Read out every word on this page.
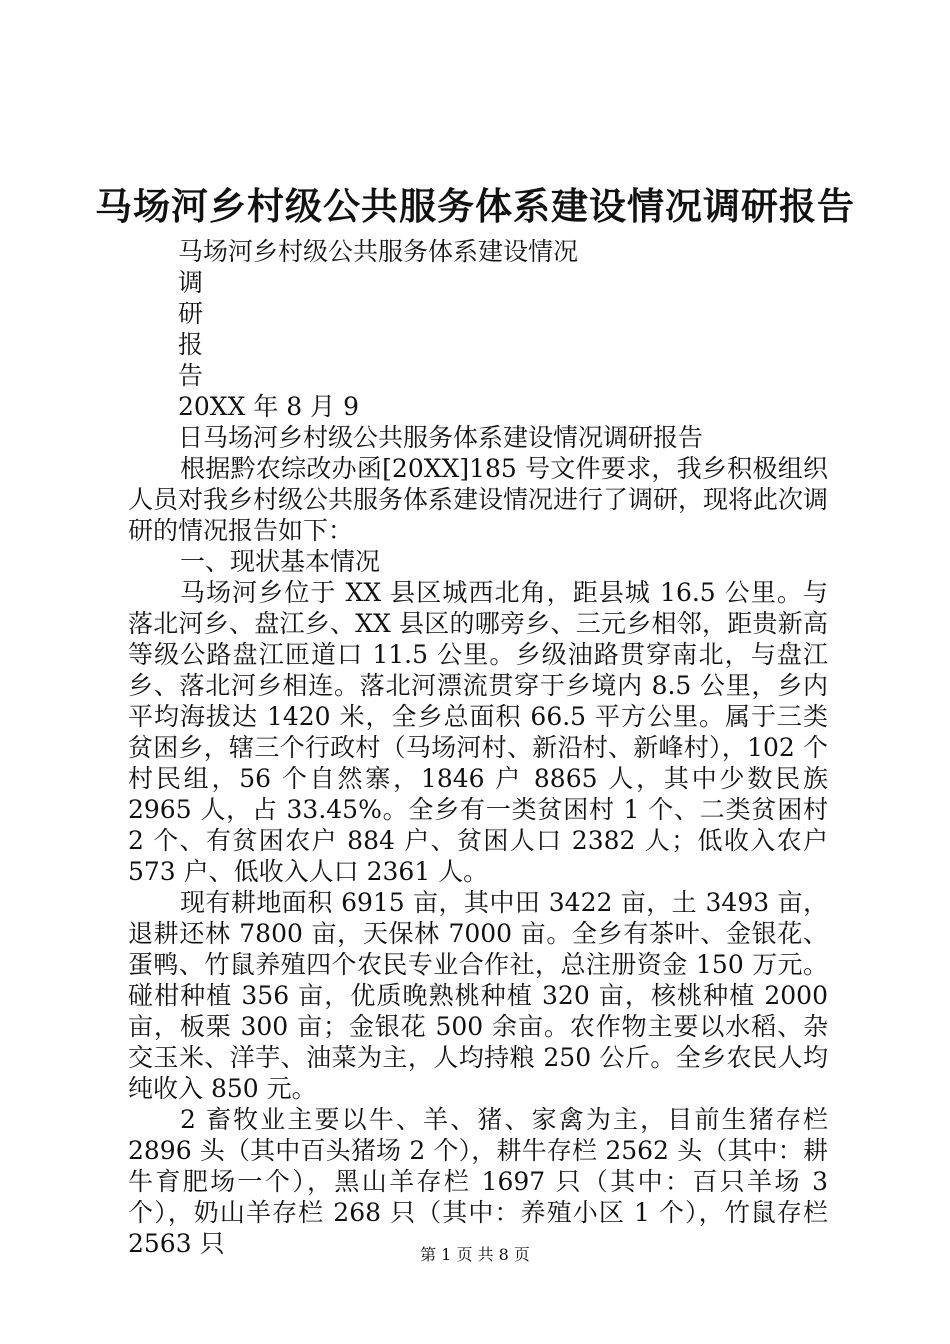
马场河乡村级公共服务体系建设情况调研报告
马场河乡村级公共服务体系建设情况
调
研
报
告
20XX 年 8 月 9
日马场河乡村级公共服务体系建设情况调研报告
根据黔农综改办函[20XX]185 号文件要求，我乡积极组织人员对我乡村级公共服务体系建设情况进行了调研，现将此次调研的情况报告如下：
一、现状基本情况
马场河乡位于 XX 县区城西北角，距县城 16.5 公里。与落北河乡、盘江乡、XX 县区的哪旁乡、三元乡相邻，距贵新高等级公路盘江匝道口 11.5 公里。乡级油路贯穿南北，与盘江乡、落北河乡相连。落北河漂流贯穿于乡境内 8.5 公里，乡内平均海拔达 1420 米，全乡总面积 66.5 平方公里。属于三类贫困乡，辖三个行政村（马场河村、新沿村、新峰村），102 个村民组，56 个自然寨，1846 户 8865 人，其中少数民族 2965 人，占 33.45%。全乡有一类贫困村 1 个、二类贫困村 2 个、有贫困农户 884 户、贫困人口 2382 人；低收入农户 573 户、低收入人口 2361 人。
现有耕地面积 6915 亩，其中田 3422 亩，土 3493 亩，退耕还林 7800 亩，天保林 7000 亩。全乡有茶叶、金银花、蛋鸭、竹鼠养殖四个农民专业合作社，总注册资金 150 万元。碰柑种植 356 亩，优质晚熟桃种植 320 亩，核桃种植 2000 亩，板栗 300 亩；金银花 500 余亩。农作物主要以水稻、杂交玉米、洋芋、油菜为主，人均持粮 250 公斤。全乡农民人均纯收入 850 元。
2 畜牧业主要以牛、羊、猪、家禽为主，目前生猪存栏 2896 头（其中百头猪场 2 个），耕牛存栏 2562 头（其中：耕牛育肥场一个），黑山羊存栏 1697 只（其中：百只羊场 3 个），奶山羊存栏 268 只（其中：养殖小区 1 个），竹鼠存栏 2563 只	第 1 页 共 8 页
